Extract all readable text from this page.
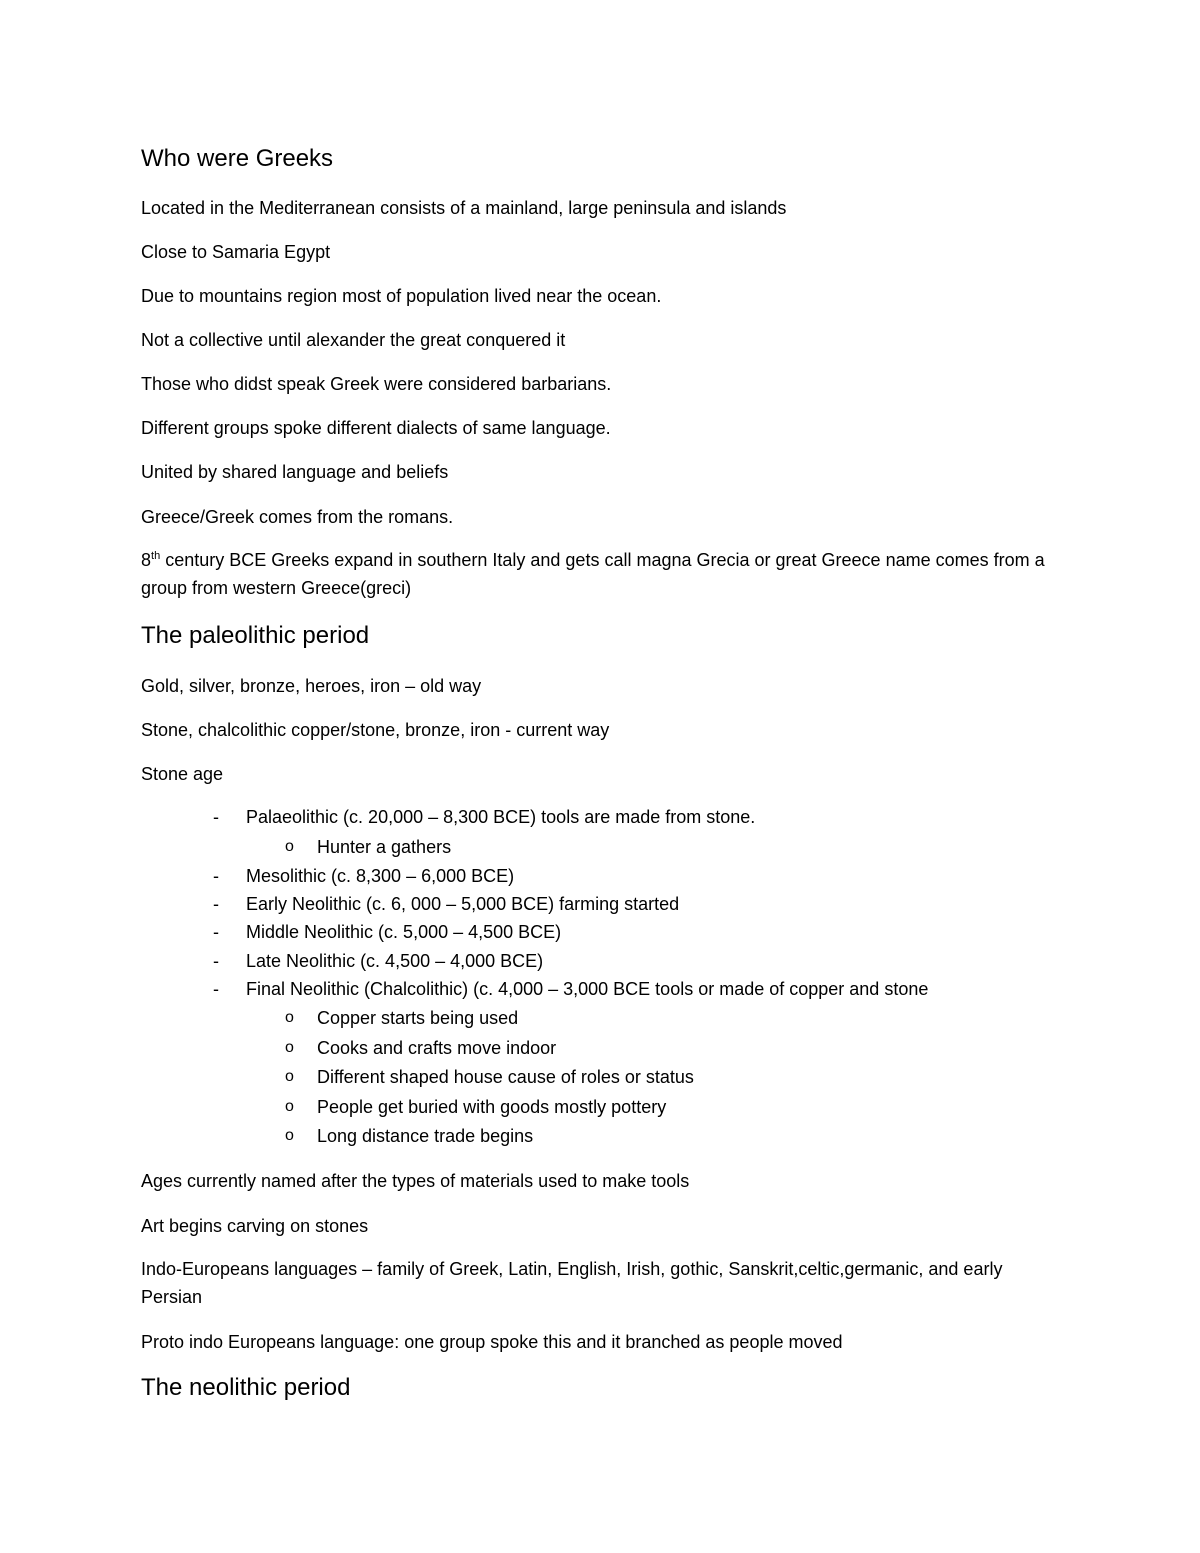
Who were Greeks

Located in the Mediterranean consists of a mainland, large peninsula and islands

Close to Samaria Egypt

Due to mountains region most of population lived near the ocean.

Not a collective until alexander the great conquered it

Those who didst speak Greek were considered barbarians.

Different groups spoke different dialects of same language.

United by shared language and beliefs

Greece/Greek comes from the romans.

8th century BCE Greeks expand in southern Italy and gets call magna Grecia or great Greece name comes from a group from western Greece(greci)

The paleolithic period

Gold, silver, bronze, heroes, iron – old way

Stone, chalcolithic copper/stone, bronze, iron - current way

Stone age

-	Palaeolithic (c. 20,000 – 8,300 BCE) tools are made from stone.
o	Hunter a gathers
-	Mesolithic (c. 8,300 – 6,000 BCE)
-	Early Neolithic (c. 6, 000 – 5,000 BCE) farming started
-	Middle Neolithic (c. 5,000 – 4,500 BCE)
-	Late Neolithic (c. 4,500 – 4,000 BCE)
-	Final Neolithic (Chalcolithic) (c. 4,000 – 3,000 BCE tools or made of copper and stone
o	Copper starts being used
o	Cooks and crafts move indoor
o	Different shaped house cause of roles or status
o	People get buried with goods mostly pottery
o	Long distance trade begins

Ages currently named after the types of materials used to make tools

Art begins carving on stones

Indo-Europeans languages – family of Greek, Latin, English, Irish, gothic, Sanskrit,celtic,germanic, and early Persian

Proto indo Europeans language: one group spoke this and it branched as people moved

The neolithic period
